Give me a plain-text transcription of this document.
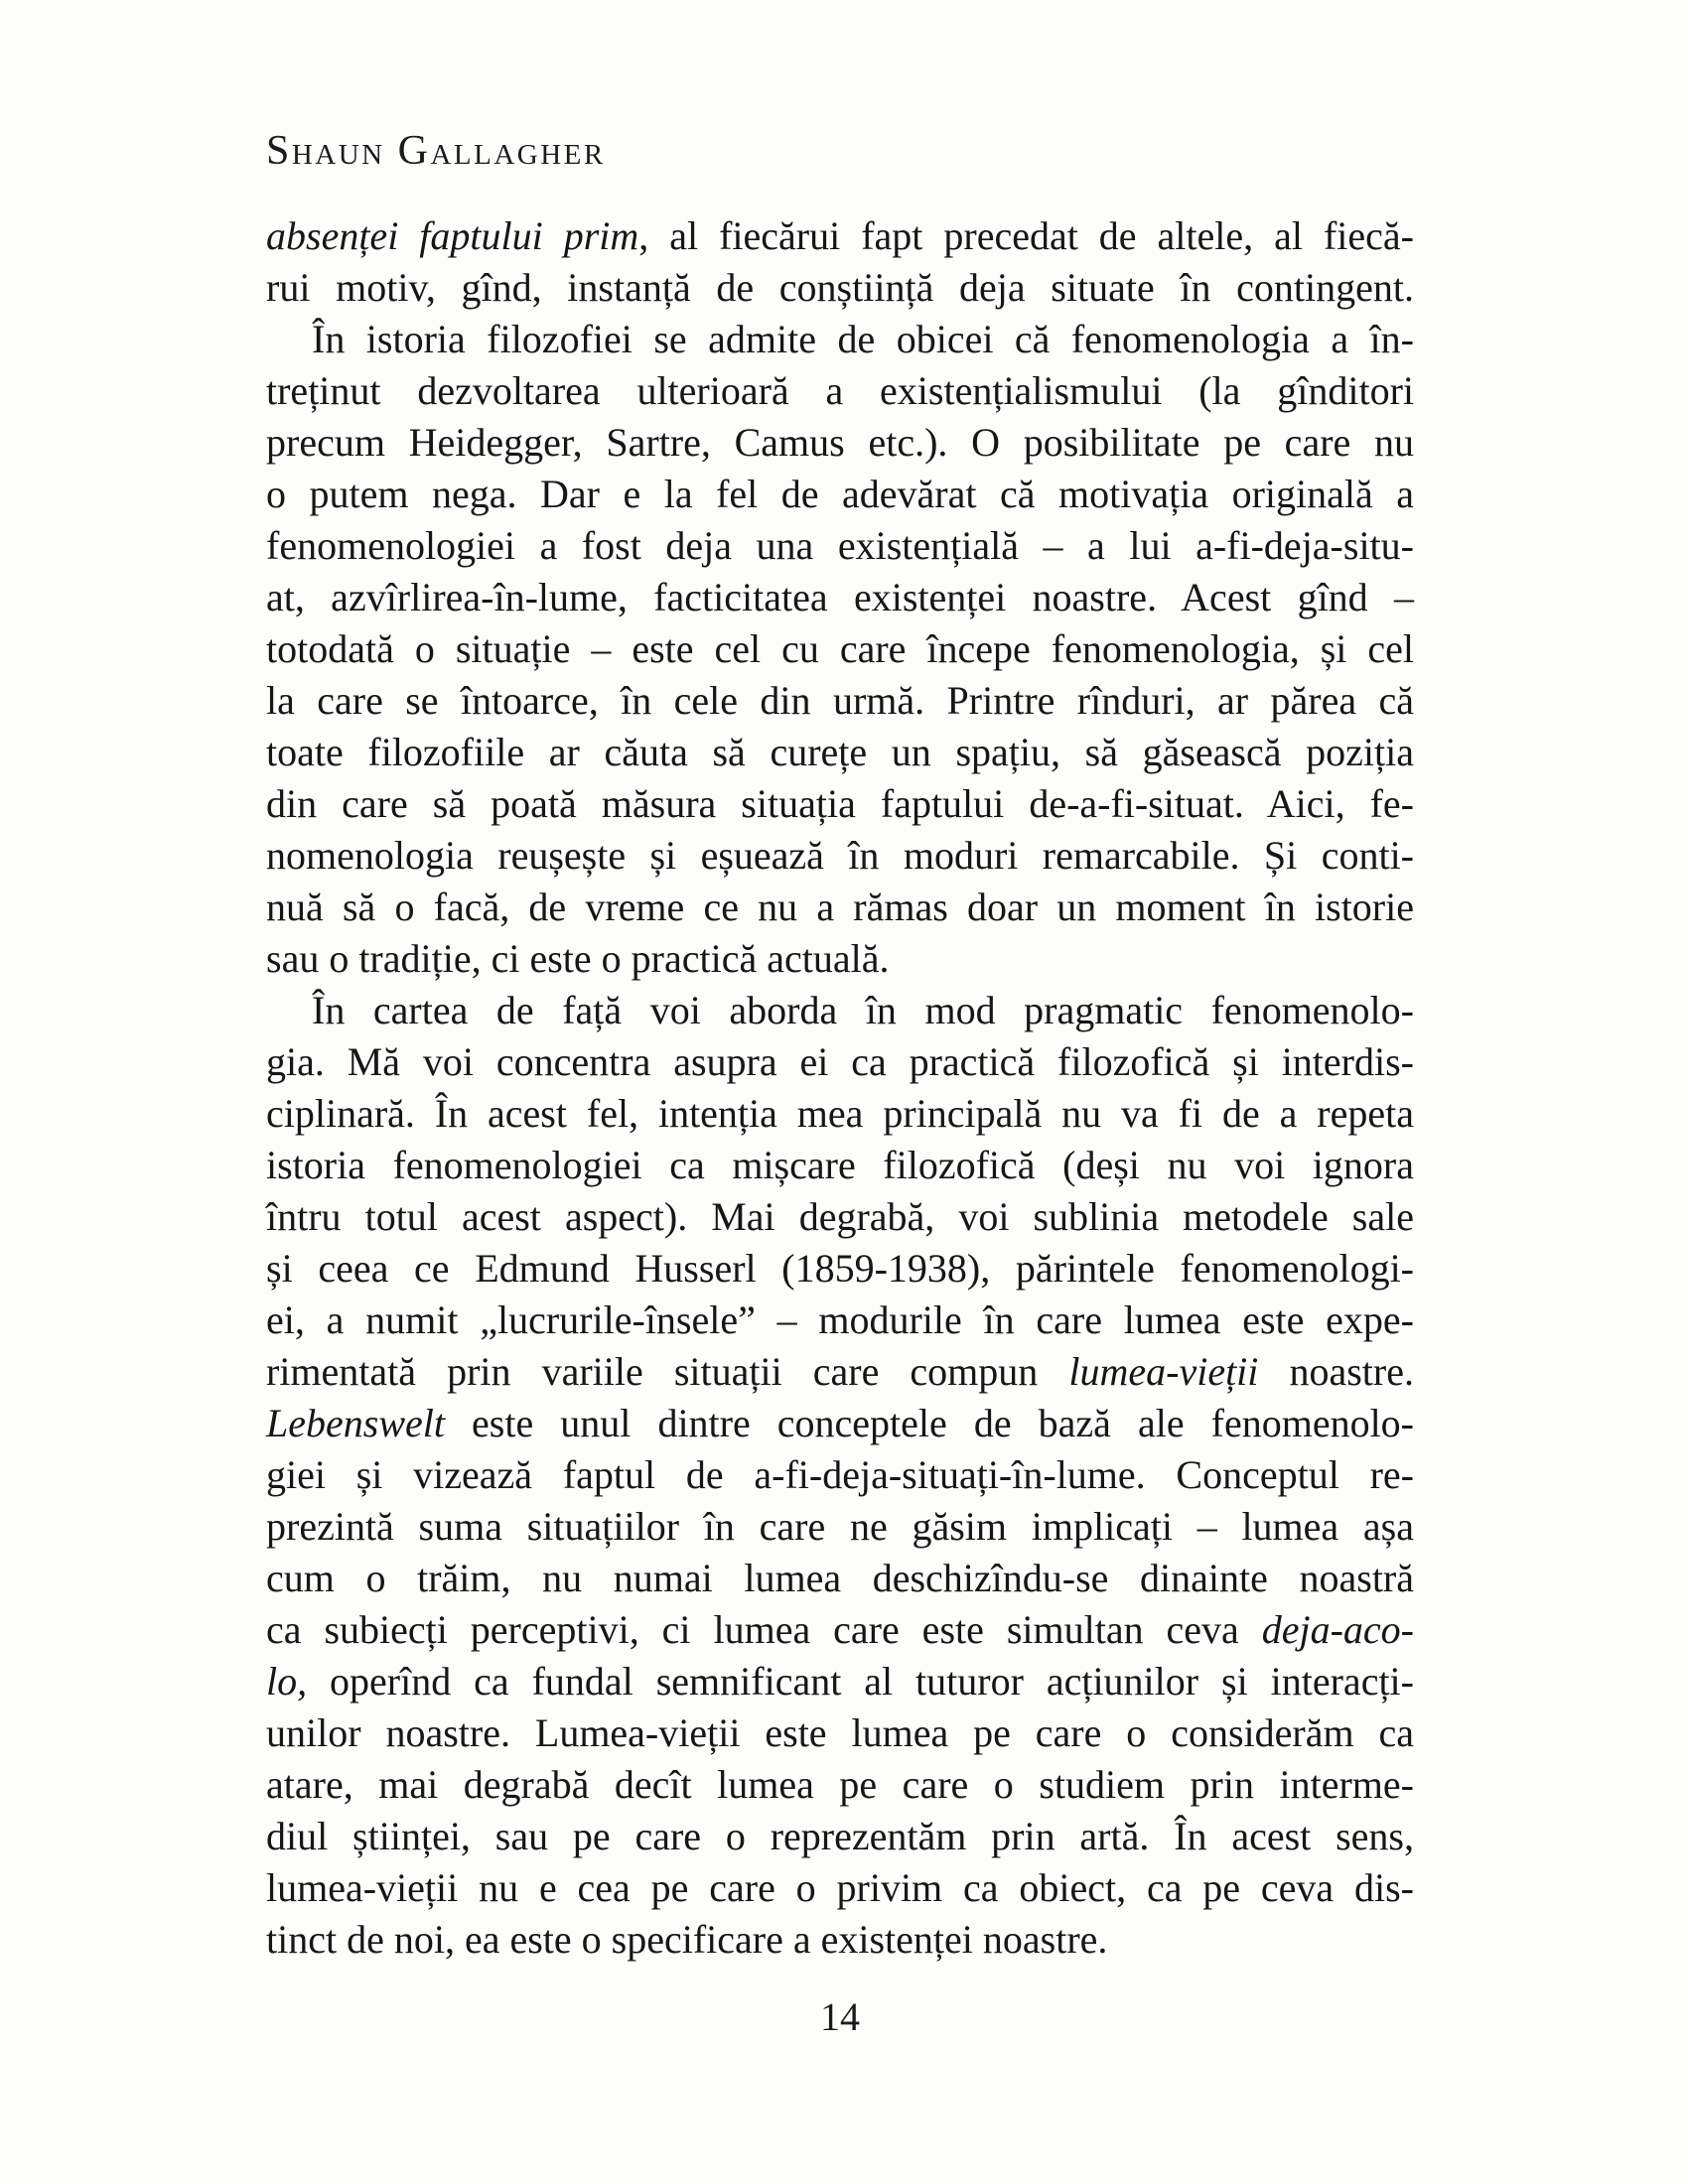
Shaun Gallagher
absenței faptului prim, al fiecărui fapt precedat de altele, al fiecă-
rui motiv, gînd, instanță de conștiință deja situate în contingent.
În istoria filozofiei se admite de obicei că fenomenologia a în-
treținut dezvoltarea ulterioară a existențialismului (la gînditori
precum Heidegger, Sartre, Camus etc.). O posibilitate pe care nu
o putem nega. Dar e la fel de adevărat că motivația originală a
fenomenologiei a fost deja una existențială – a lui a-fi-deja-situ-
at, azvîrlirea-în-lume, facticitatea existenței noastre. Acest gînd –
totodată o situație – este cel cu care începe fenomenologia, și cel
la care se întoarce, în cele din urmă. Printre rînduri, ar părea că
toate filozofiile ar căuta să curețe un spațiu, să găsească poziția
din care să poată măsura situația faptului de-a-fi-situat. Aici, fe-
nomenologia reușește și eșuează în moduri remarcabile. Și conti-
nuă să o facă, de vreme ce nu a rămas doar un moment în istorie
sau o tradiție, ci este o practică actuală.
În cartea de față voi aborda în mod pragmatic fenomenolo-
gia. Mă voi concentra asupra ei ca practică filozofică și interdis-
ciplinară. În acest fel, intenția mea principală nu va fi de a repeta
istoria fenomenologiei ca mișcare filozofică (deși nu voi ignora
întru totul acest aspect). Mai degrabă, voi sublinia metodele sale
și ceea ce Edmund Husserl (1859-1938), părintele fenomenologi-
ei, a numit „lucrurile-însele” – modurile în care lumea este expe-
rimentată prin variile situații care compun lumea-vieții noastre.
Lebenswelt este unul dintre conceptele de bază ale fenomenolo-
giei și vizează faptul de a-fi-deja-situați-în-lume. Conceptul re-
prezintă suma situațiilor în care ne găsim implicați – lumea așa
cum o trăim, nu numai lumea deschizîndu-se dinainte noastră
ca subiecți perceptivi, ci lumea care este simultan ceva deja-aco-
lo, operînd ca fundal semnificant al tuturor acțiunilor și interacți-
unilor noastre. Lumea-vieții este lumea pe care o considerăm ca
atare, mai degrabă decît lumea pe care o studiem prin interme-
diul științei, sau pe care o reprezentăm prin artă. În acest sens,
lumea-vieții nu e cea pe care o privim ca obiect, ca pe ceva dis-
tinct de noi, ea este o specificare a existenței noastre.
14
